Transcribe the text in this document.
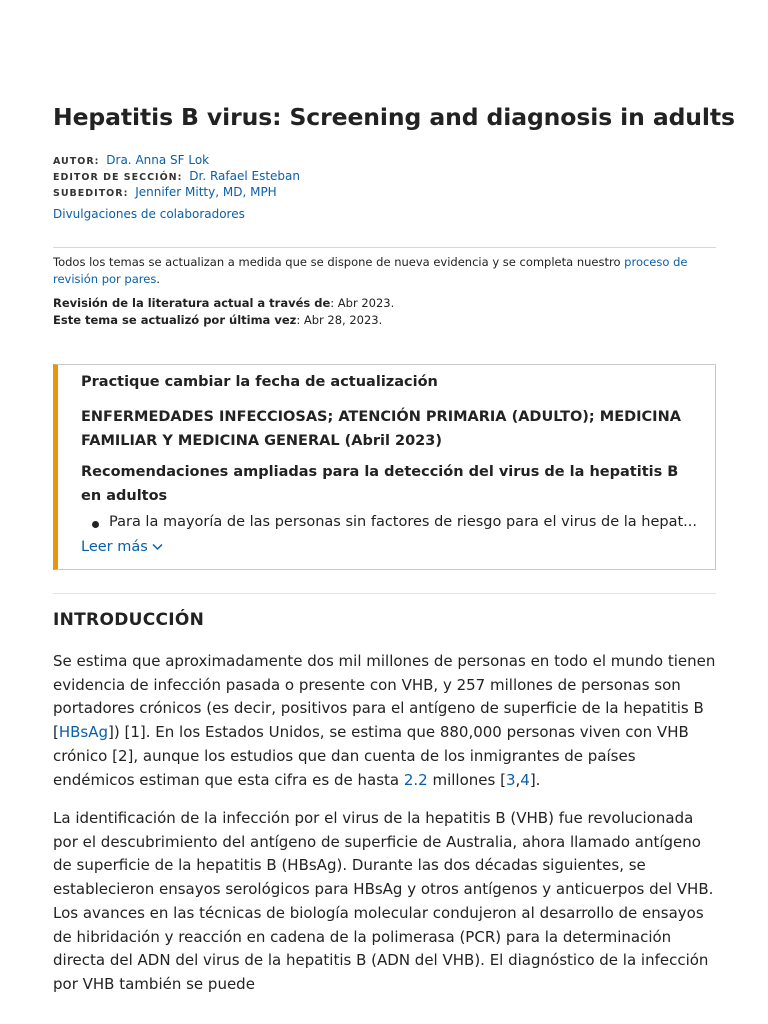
Hepatitis B virus: Screening and diagnosis in adults
AUTOR: Dra. Anna SF Lok
EDITOR DE SECCIÓN: Dr. Rafael Esteban
SUBEDITOR: Jennifer Mitty, MD, MPH
Divulgaciones de colaboradores
Todos los temas se actualizan a medida que se dispone de nueva evidencia y se completa nuestro proceso de revisión por pares.
Revisión de la literatura actual a través de: Abr 2023.
Este tema se actualizó por última vez: Abr 28, 2023.
Practique cambiar la fecha de actualización
ENFERMEDADES INFECCIOSAS; ATENCIÓN PRIMARIA (ADULTO); MEDICINA FAMILIAR Y MEDICINA GENERAL (Abril 2023)
Recomendaciones ampliadas para la detección del virus de la hepatitis B en adultos
Para la mayoría de las personas sin factores de riesgo para el virus de la hepat...
Leer más
INTRODUCCIÓN
Se estima que aproximadamente dos mil millones de personas en todo el mundo tienen evidencia de infección pasada o presente con VHB, y 257 millones de personas son portadores crónicos (es decir, positivos para el antígeno de superficie de la hepatitis B [HBsAg]) [1]. En los Estados Unidos, se estima que 880,000 personas viven con VHB crónico [2], aunque los estudios que dan cuenta de los inmigrantes de países endémicos estiman que esta cifra es de hasta 2.2 millones [3,4].
La identificación de la infección por el virus de la hepatitis B (VHB) fue revolucionada por el descubrimiento del antígeno de superficie de Australia, ahora llamado antígeno de superficie de la hepatitis B (HBsAg). Durante las dos décadas siguientes, se establecieron ensayos serológicos para HBsAg y otros antígenos y anticuerpos del VHB. Los avances en las técnicas de biología molecular condujeron al desarrollo de ensayos de hibridación y reacción en cadena de la polimerasa (PCR) para la determinación directa del ADN del virus de la hepatitis B (ADN del VHB). El diagnóstico de la infección por VHB también se puede
